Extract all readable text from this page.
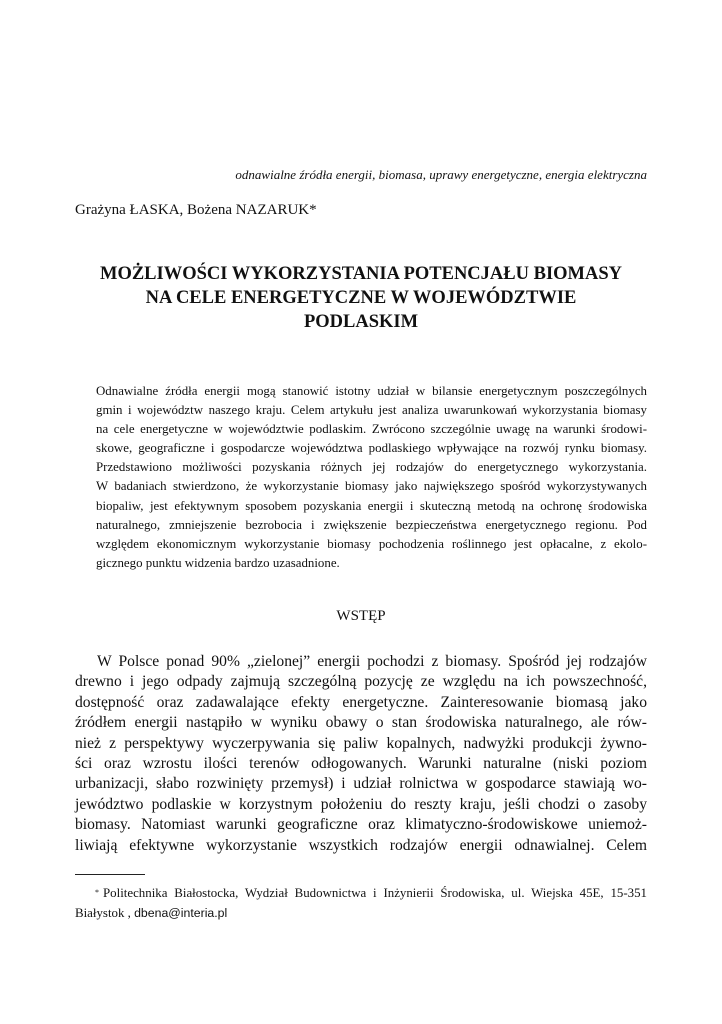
odnawialne źródła energii, biomasa, uprawy energetyczne, energia elektryczna
Grażyna ŁASKA, Bożena NAZARUK*
MOŻLIWOŚCI WYKORZYSTANIA POTENCJAŁU BIOMASY
NA CELE ENERGETYCZNE W WOJEWÓDZTWIE
PODLASKIM
Odnawialne źródła energii mogą stanowić istotny udział w bilansie energetycznym poszczególnych
gmin i województw naszego kraju. Celem artykułu jest analiza uwarunkowań wykorzystania biomasy
na cele energetyczne w województwie podlaskim. Zwrócono szczególnie uwagę na warunki środowi-
skowe, geograficzne i gospodarcze województwa podlaskiego wpływające na rozwój rynku biomasy.
Przedstawiono możliwości pozyskania różnych jej rodzajów do energetycznego wykorzystania.
W badaniach stwierdzono, że wykorzystanie biomasy jako największego spośród wykorzystywanych
biopaliw, jest efektywnym sposobem pozyskania energii i skuteczną metodą na ochronę środowiska
naturalnego, zmniejszenie bezrobocia i zwiększenie bezpieczeństwa energetycznego regionu. Pod
względem ekonomicznym wykorzystanie biomasy pochodzenia roślinnego jest opłacalne, z ekolo-
gicznego punktu widzenia bardzo uzasadnione.
WSTĘP
W Polsce ponad 90% „zielonej” energii pochodzi z biomasy. Spośród jej rodzajów
drewno i jego odpady zajmują szczególną pozycję ze względu na ich powszechność,
dostępność oraz zadawalające efekty energetyczne. Zainteresowanie biomasą jako
źródłem energii nastąpiło w wyniku obawy o stan środowiska naturalnego, ale rów-
nież z perspektywy wyczerpywania się paliw kopalnych, nadwyżki produkcji żywno-
ści oraz wzrostu ilości terenów odłogowanych. Warunki naturalne (niski poziom
urbanizacji, słabo rozwinięty przemysł) i udział rolnictwa w gospodarce stawiają wo-
jewództwo podlaskie w korzystnym położeniu do reszty kraju, jeśli chodzi o zasoby
biomasy. Natomiast warunki geograficzne oraz klimatyczno-środowiskowe uniemoż-
liwiają efektywne wykorzystanie wszystkich rodzajów energii odnawialnej. Celem
* Politechnika Białostocka, Wydział Budownictwa i Inżynierii Środowiska, ul. Wiejska 45E, 15-351
Białystok , dbena@interia.pl
